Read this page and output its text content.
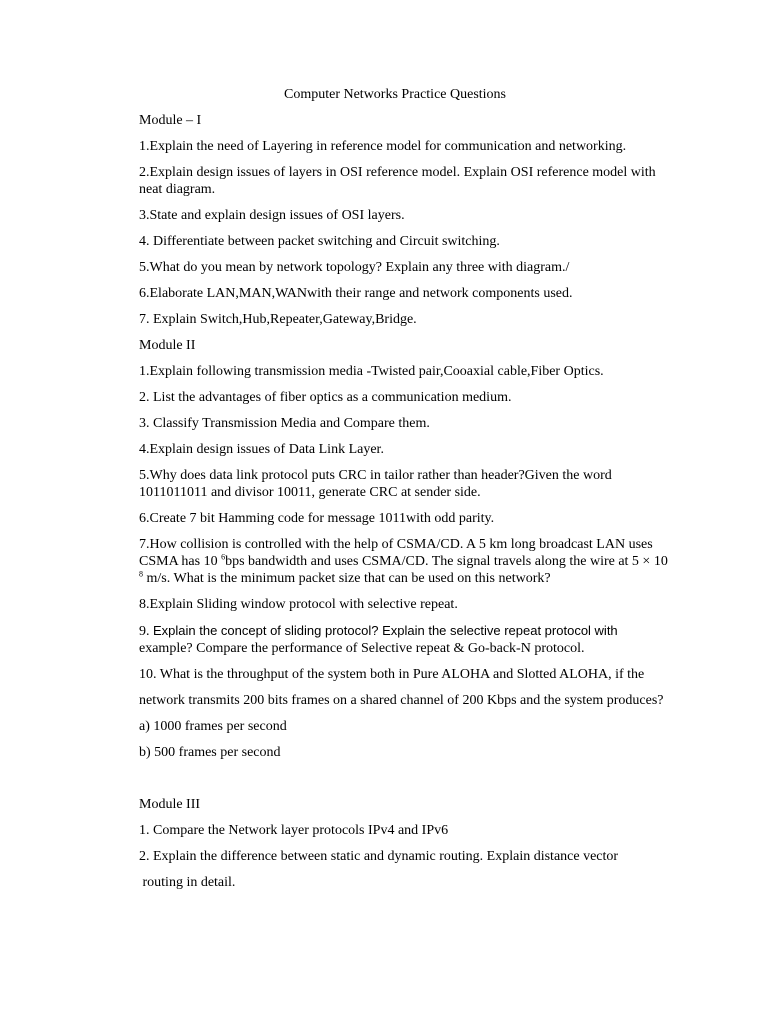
Computer Networks Practice Questions
Module – I
1.Explain the need of Layering in reference model for communication and networking.
2.Explain design issues of layers in OSI reference model. Explain OSI reference model with neat diagram.
3.State and explain design issues of OSI layers.
4. Differentiate between packet switching and Circuit switching.
5.What do you mean by network topology? Explain any three with diagram./
6.Elaborate LAN,MAN,WANwith their range and network components used.
7. Explain Switch,Hub,Repeater,Gateway,Bridge.
Module II
1.Explain following transmission media -Twisted pair,Cooaxial cable,Fiber Optics.
2. List the advantages of fiber optics as a communication medium.
3. Classify Transmission Media and Compare them.
4.Explain design issues of Data Link Layer.
5.Why does data link protocol puts CRC in tailor rather than header?Given the word 1011011011 and divisor 10011, generate CRC at sender side.
6.Create 7 bit Hamming code for message 1011with odd parity.
7.How collision is controlled with the help of CSMA/CD. A 5 km long broadcast LAN uses CSMA has 10 $^6$bps bandwidth and uses CSMA/CD. The signal travels along the wire at 5 × 10 $^8$ m/s. What is the minimum packet size that can be used on this network?
8.Explain Sliding window protocol with selective repeat.
9. Explain the concept of sliding protocol? Explain the selective repeat protocol with
example? Compare the performance of Selective repeat & Go-back-N protocol.
10. What is the throughput of the system both in Pure ALOHA and Slotted ALOHA, if the
network transmits 200 bits frames on a shared channel of 200 Kbps and the system produces?
a) 1000 frames per second
b) 500 frames per second
Module III
1. Compare the Network layer protocols IPv4 and IPv6
2. Explain the difference between static and dynamic routing. Explain distance vector
routing in detail.
